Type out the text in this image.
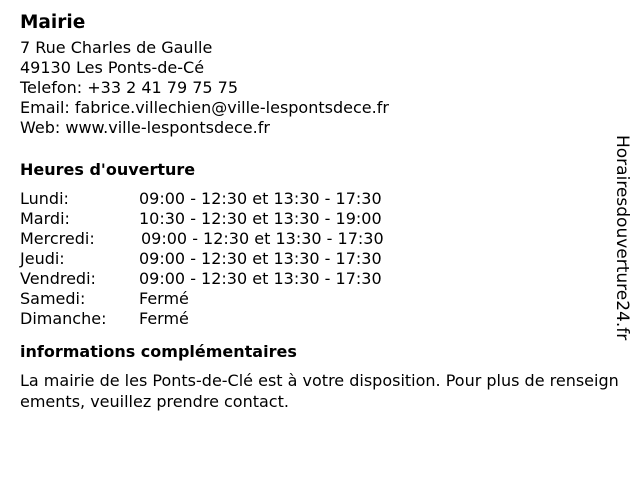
Mairie
7 Rue Charles de Gaulle
49130 Les Ponts-de-Cé
Telefon: +33 2 41 79 75 75
Email: fabrice.villechien@ville-lespontsdece.fr
Web: www.ville-lespontsdece.fr
Heures d'ouverture
Lundi:	09:00 - 12:30 et 13:30 - 17:30
Mardi:	10:30 - 12:30 et 13:30 - 19:00
Mercredi:	09:00 - 12:30 et 13:30 - 17:30
Jeudi:	09:00 - 12:30 et 13:30 - 17:30
Vendredi:	09:00 - 12:30 et 13:30 - 17:30
Samedi:	Fermé
Dimanche: Fermé
informations complémentaires
La mairie de les Ponts-de-Clé est à votre disposition. Pour plus de renseignements, veuillez prendre contact.
Horairesdouverture24.fr
